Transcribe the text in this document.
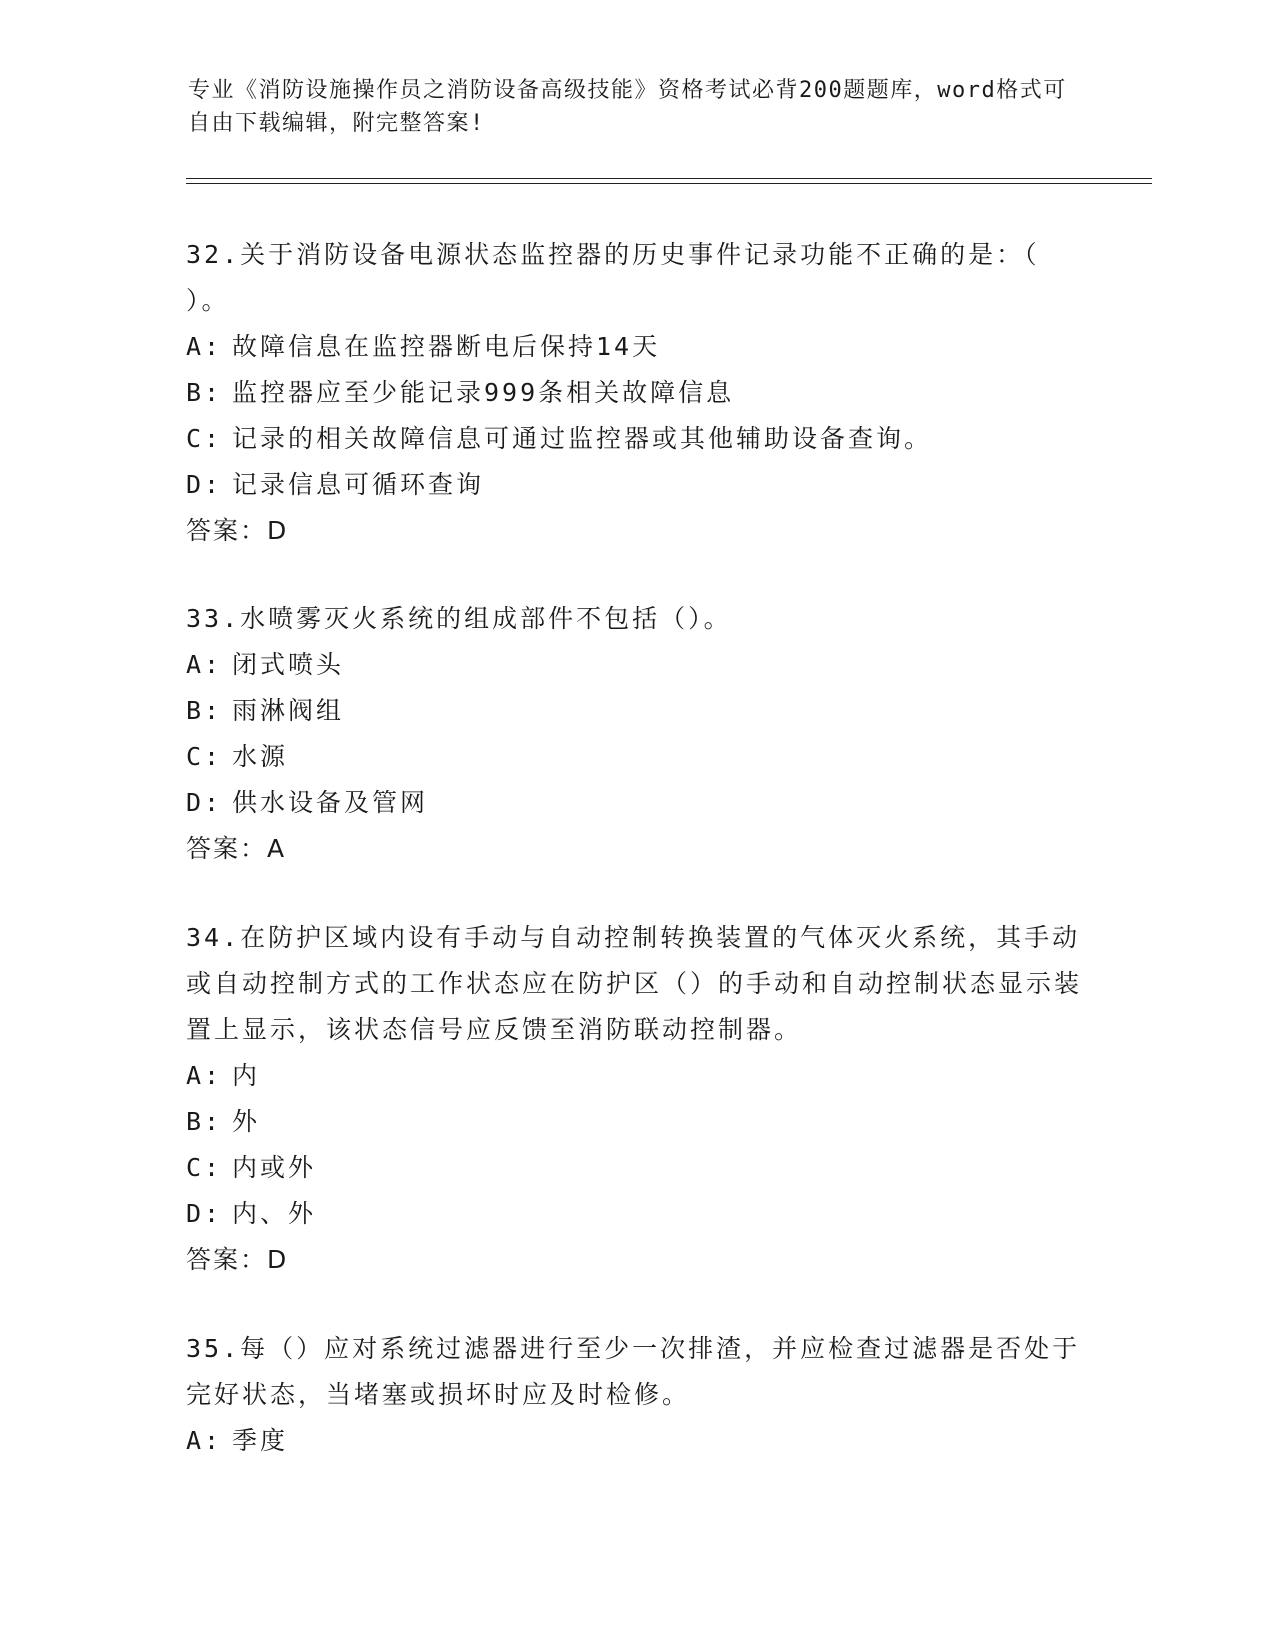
专业《消防设施操作员之消防设备高级技能》资格考试必背200题题库，word格式可自由下载编辑，附完整答案!

32.关于消防设备电源状态监控器的历史事件记录功能不正确的是：（ ）。

A: 故障信息在监控器断电后保持14天

B: 监控器应至少能记录999条相关故障信息

C: 记录的相关故障信息可通过监控器或其他辅助设备查询。

D: 记录信息可循环查询

答案：D

33.水喷雾灭火系统的组成部件不包括（）。

A: 闭式喷头

B: 雨淋阀组

C: 水源

D: 供水设备及管网

答案：A

34.在防护区域内设有手动与自动控制转换装置的气体灭火系统，其手动或自动控制方式的工作状态应在防护区（）的手动和自动控制状态显示装置上显示，该状态信号应反馈至消防联动控制器。

A: 内

B: 外

C: 内或外

D: 内、外

答案：D

35.每（）应对系统过滤器进行至少一次排渣，并应检查过滤器是否处于完好状态，当堵塞或损坏时应及时检修。

A: 季度
